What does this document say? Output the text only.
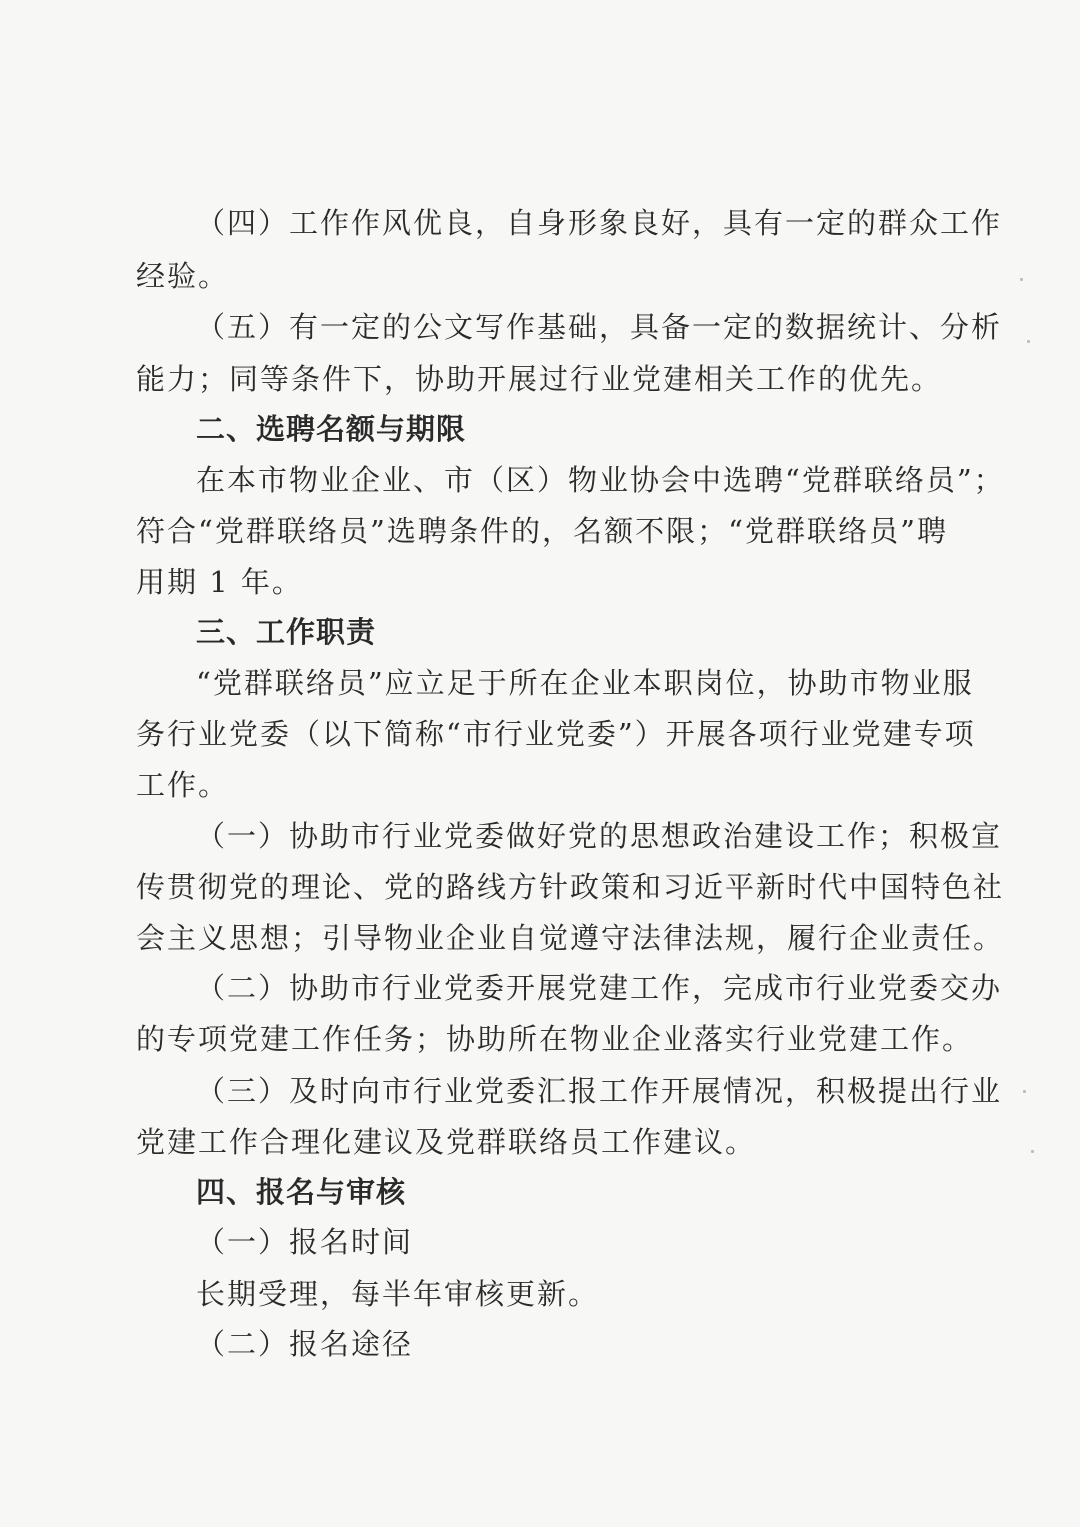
（四）工作作风优良，自身形象良好，具有一定的群众工作
经验。
（五）有一定的公文写作基础，具备一定的数据统计、分析
能力；同等条件下，协助开展过行业党建相关工作的优先。
二、选聘名额与期限
在本市物业企业、市（区）物业协会中选聘“党群联络员”；
符合“党群联络员”选聘条件的，名额不限；“党群联络员”聘
用期 1 年。
三、工作职责
“党群联络员”应立足于所在企业本职岗位，协助市物业服
务行业党委（以下简称“市行业党委”）开展各项行业党建专项
工作。
（一）协助市行业党委做好党的思想政治建设工作；积极宣
传贯彻党的理论、党的路线方针政策和习近平新时代中国特色社
会主义思想；引导物业企业自觉遵守法律法规，履行企业责任。
（二）协助市行业党委开展党建工作，完成市行业党委交办
的专项党建工作任务；协助所在物业企业落实行业党建工作。
（三）及时向市行业党委汇报工作开展情况，积极提出行业
党建工作合理化建议及党群联络员工作建议。
四、报名与审核
（一）报名时间
长期受理，每半年审核更新。
（二）报名途径
